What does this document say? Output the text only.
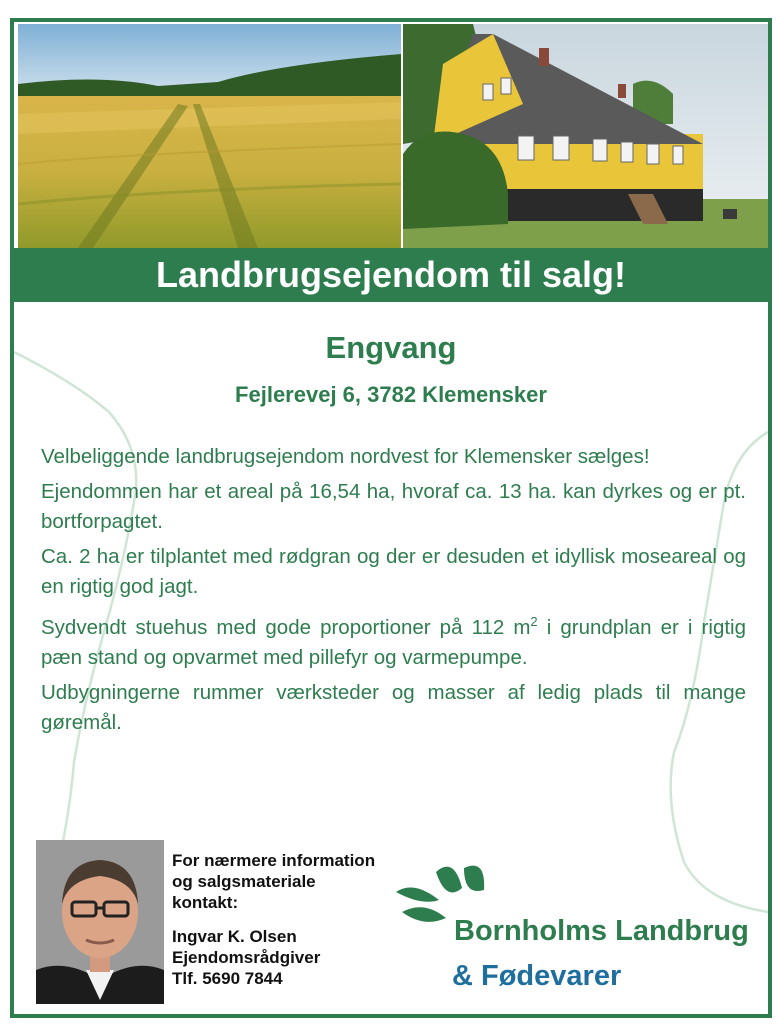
Landbrugsejendom til salg!
Engvang
Fejlerevej 6, 3782 Klemensker

Velbeliggende landbrugsejendom nordvest for Klemensker sælges!

Ejendommen har et areal på 16,54 ha, hvoraf ca. 13 ha. kan dyrkes og er pt. bortforpagtet.

Ca. 2 ha er tilplantet med rødgran og der er desuden et idyllisk moseareal og en rigtig god jagt.

Sydvendt stuehus med gode proportioner på 112 $m^2$ i grundplan er i rigtig pæn stand og opvarmet med pillefyr og varmepumpe.

Udbygningerne rummer værksteder og masser af ledig plads til mange gøremål.

For nærmere information
og salgsmateriale
kontakt:
Ingvar K. Olsen
Ejendomsrådgiver
Tlf. 5690 7844
Bornholms Landbrug
& Fødevarer
